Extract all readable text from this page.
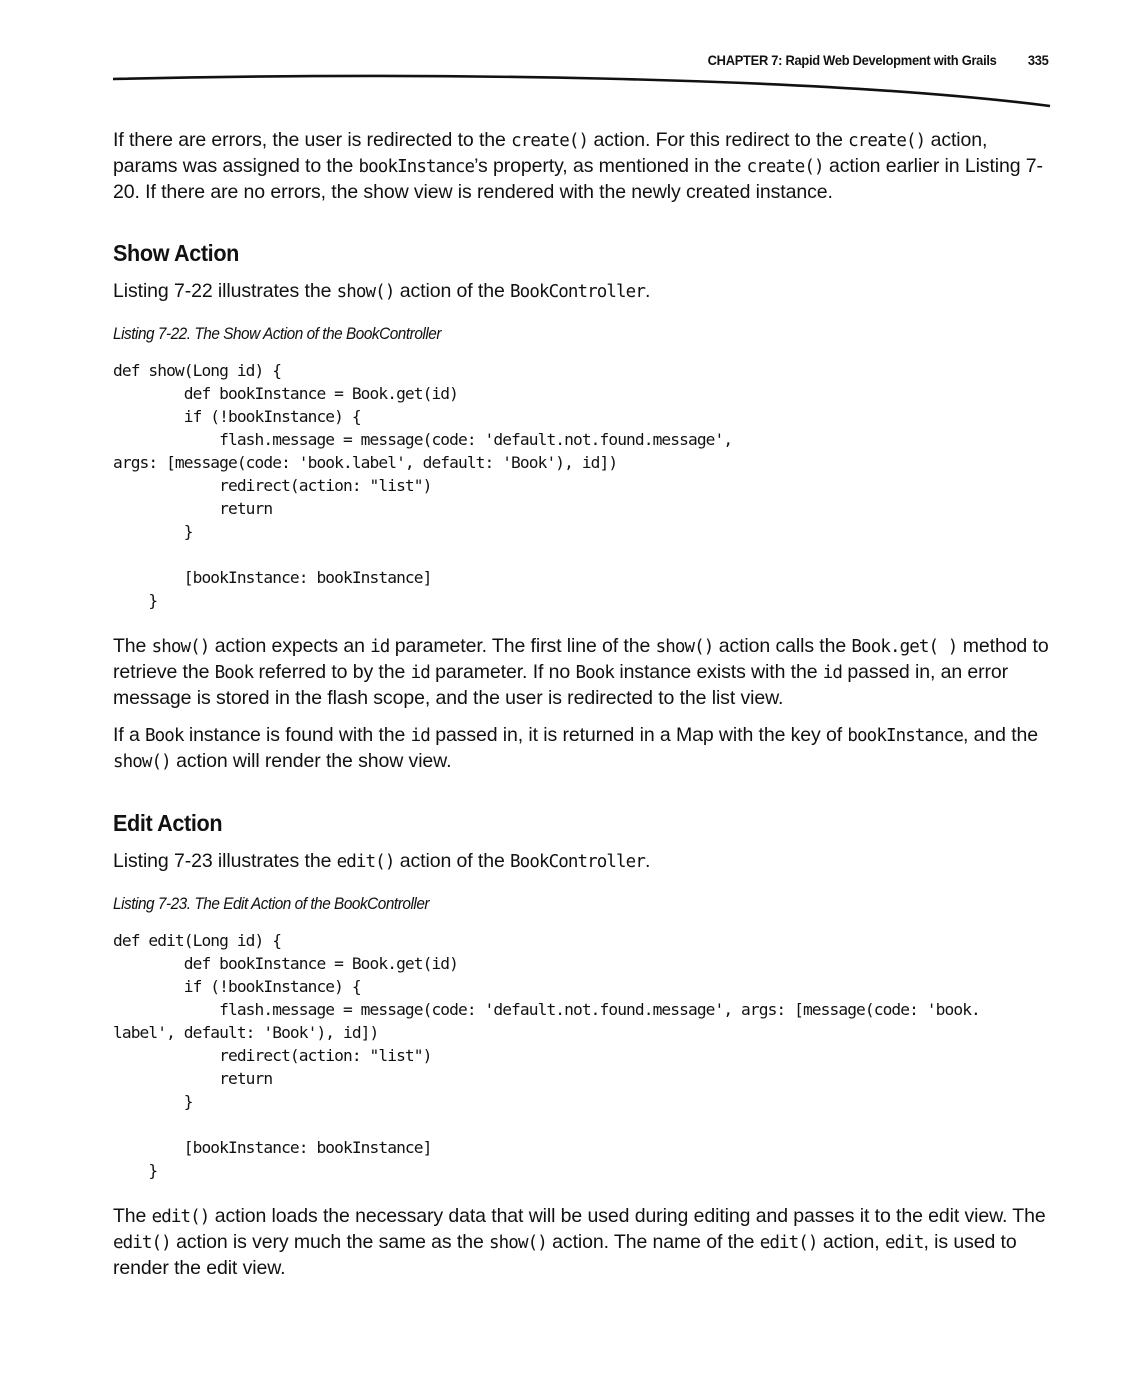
CHAPTER 7: Rapid Web Development with Grails 335

If there are errors, the user is redirected to the create() action. For this redirect to the create() action, params was assigned to the bookInstance’s property, as mentioned in the create() action earlier in Listing 7-20. If there are no errors, the show view is rendered with the newly created instance.

Show Action

Listing 7-22 illustrates the show() action of the BookController.

Listing 7-22. The Show Action of the BookController

def show(Long id) {
def bookInstance = Book.get(id)
if (!bookInstance) {
flash.message = message(code: 'default.not.found.message',
args: [message(code: 'book.label', default: 'Book'), id])
redirect(action: "list")
return
}

[bookInstance: bookInstance]
}

The show() action expects an id parameter. The first line of the show() action calls the Book.get( ) method to retrieve the Book referred to by the id parameter. If no Book instance exists with the id passed in, an error message is stored in the flash scope, and the user is redirected to the list view.

If a Book instance is found with the id passed in, it is returned in a Map with the key of bookInstance, and the show() action will render the show view.

Edit Action

Listing 7-23 illustrates the edit() action of the BookController.

Listing 7-23. The Edit Action of the BookController

def edit(Long id) {
def bookInstance = Book.get(id)
if (!bookInstance) {
flash.message = message(code: 'default.not.found.message', args: [message(code: 'book.
label', default: 'Book'), id])
redirect(action: "list")
return
}

[bookInstance: bookInstance]
}

The edit() action loads the necessary data that will be used during editing and passes it to the edit view. The edit() action is very much the same as the show() action. The name of the edit() action, edit, is used to render the edit view.
